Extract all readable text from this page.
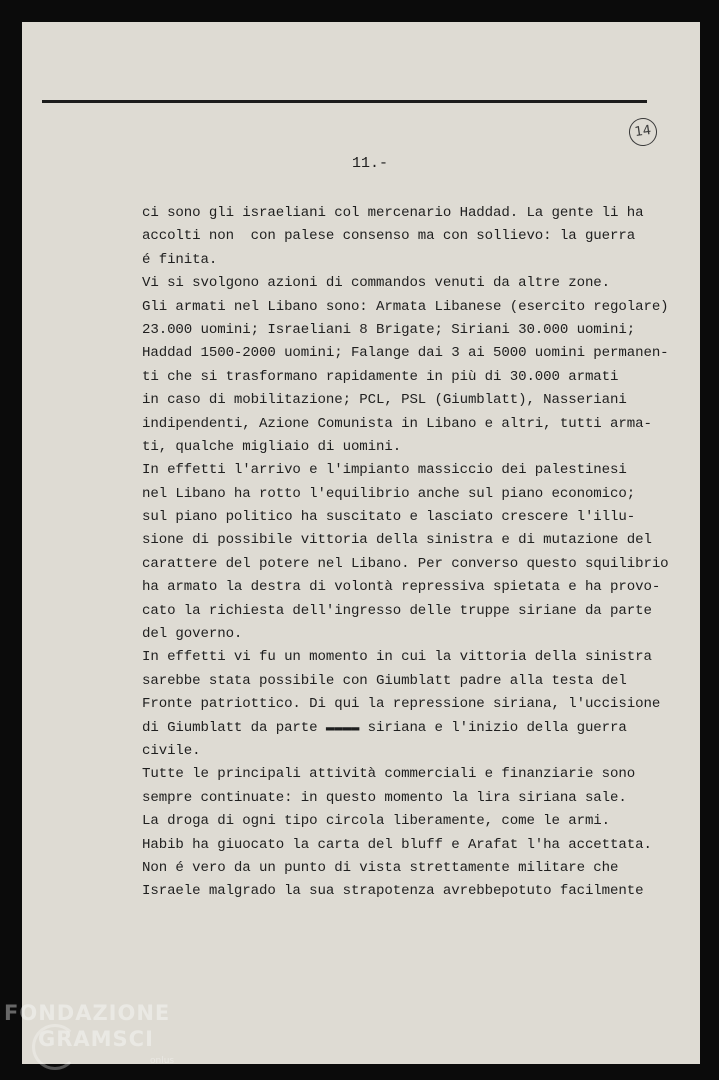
14
11.-
ci sono gli israeliani col mercenario Haddad. La gente li ha
accolti non  con palese consenso ma con sollievo: la guerra
é finita.
Vi si svolgono azioni di commandos venuti da altre zone.
Gli armati nel Libano sono: Armata Libanese (esercito regolare)
23.000 uomini; Israeliani 8 Brigate; Siriani 30.000 uomini;
Haddad 1500-2000 uomini; Falange dai 3 ai 5000 uomini permanen-
ti che si trasformano rapidamente in più di 30.000 armati
in caso di mobilitazione; PCL, PSL (Giumblatt), Nasseriani
indipendenti, Azione Comunista in Libano e altri, tutti arma-
ti, qualche migliaio di uomini.
In effetti l'arrivo e l'impianto massiccio dei palestinesi
nel Libano ha rotto l'equilibrio anche sul piano economico;
sul piano politico ha suscitato e lasciato crescere l'illu-
sione di possibile vittoria della sinistra e di mutazione del
carattere del potere nel Libano. Per converso questo squilibrio
ha armato la destra di volontà repressiva spietata e ha provo-
cato la richiesta dell'ingresso delle truppe siriane da parte
del governo.
In effetti vi fu un momento in cui la vittoria della sinistra
sarebbe stata possibile con Giumblatt padre alla testa del
Fronte patriottico. Di qui la repressione siriana, l'uccisione
di Giumblatt da parte ▬▬▬▬ siriana e l'inizio della guerra
civile.
Tutte le principali attività commerciali e finanziarie sono
sempre continuate: in questo momento la lira siriana sale.
La droga di ogni tipo circola liberamente, come le armi.
Habib ha giuocato la carta del bluff e Arafat l'ha accettata.
Non é vero da un punto di vista strettamente militare che
Israele malgrado la sua strapotenza avrebbepotuto facilmente
FONDAZIONE
GRAMSCI
onlus
